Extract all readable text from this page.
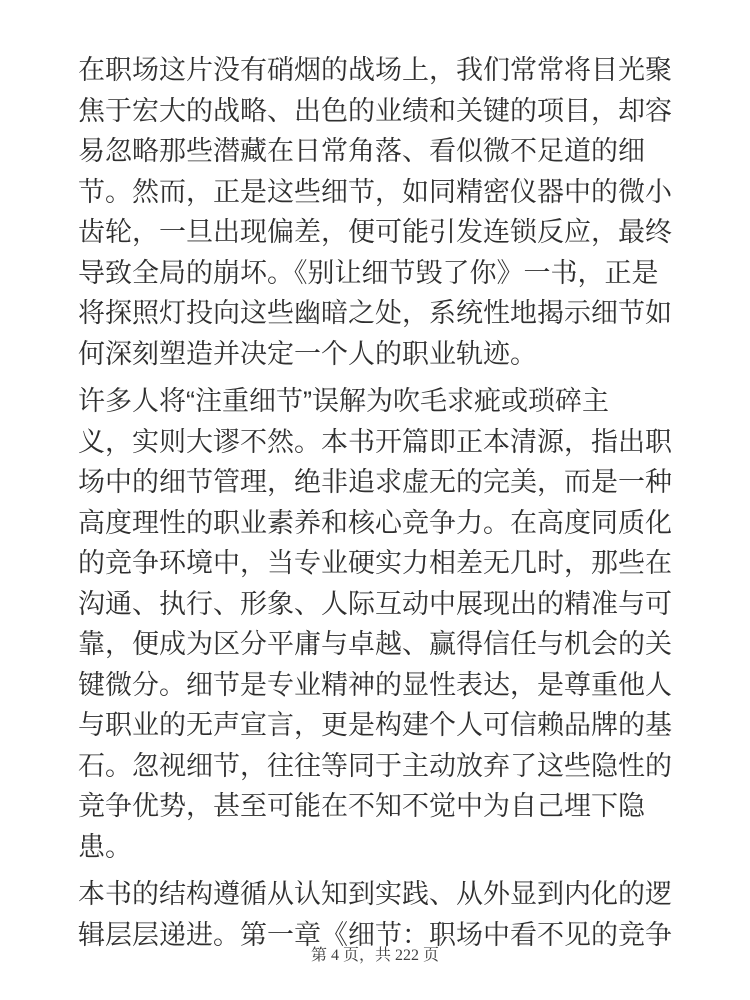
在职场这片没有硝烟的战场上，我们常常将目光聚
焦于宏大的战略、出色的业绩和关键的项目，却容
易忽略那些潜藏在日常角落、看似微不足道的细
节。然而，正是这些细节，如同精密仪器中的微小
齿轮，一旦出现偏差，便可能引发连锁反应，最终
导致全局的崩坏。《别让细节毁了你》一书，正是
将探照灯投向这些幽暗之处，系统性地揭示细节如
何深刻塑造并决定一个人的职业轨迹。
许多人将“注重细节”误解为吹毛求疵或琐碎主
义，实则大谬不然。本书开篇即正本清源，指出职
场中的细节管理，绝非追求虚无的完美，而是一种
高度理性的职业素养和核心竞争力。在高度同质化
的竞争环境中，当专业硬实力相差无几时，那些在
沟通、执行、形象、人际互动中展现出的精准与可
靠，便成为区分平庸与卓越、赢得信任与机会的关
键微分。细节是专业精神的显性表达，是尊重他人
与职业的无声宣言，更是构建个人可信赖品牌的基
石。忽视细节，往往等同于主动放弃了这些隐性的
竞争优势，甚至可能在不知不觉中为自己埋下隐
患。
本书的结构遵循从认知到实践、从外显到内化的逻
辑层层递进。第一章《细节：职场中看不见的竞争
第 4 页，共 222 页
